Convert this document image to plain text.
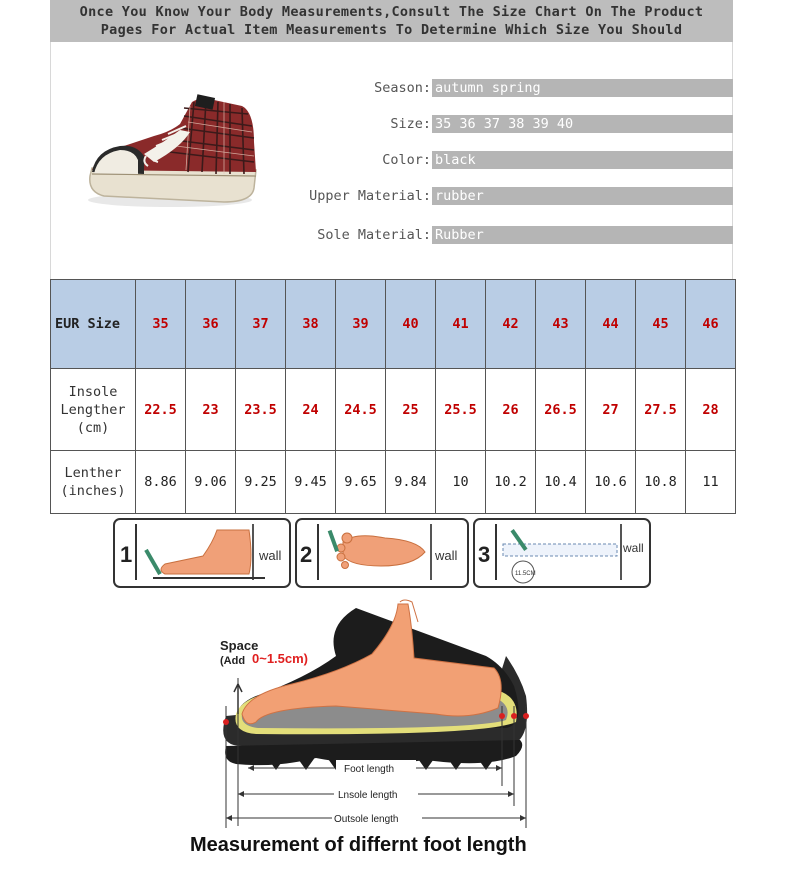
Once You Know Your Body Measurements,Consult The Size Chart On The Product
Pages For Actual Item Measurements To Determine Which Size You Should
Season: autumn spring
Size: 35 36 37 38 39 40
Color: black
Upper Material: rubber
Sole Material: Rubber
EUR Size	35	36	37	38	39	40	41	42	43	44	45	46
Insole Lengther (cm)	22.5	23	23.5	24	24.5	25	25.5	26	26.5	27	27.5	28
Lenther (inches)	8.86	9.06	9.25	9.45	9.65	9.84	10	10.2	10.4	10.6	10.8	11
1	wall 2	wall 3
11.5CM
wall
Space
(Add 0~1.5cm)
Foot length
Lnsole length
Outsole length
Measurement of differnt foot length
